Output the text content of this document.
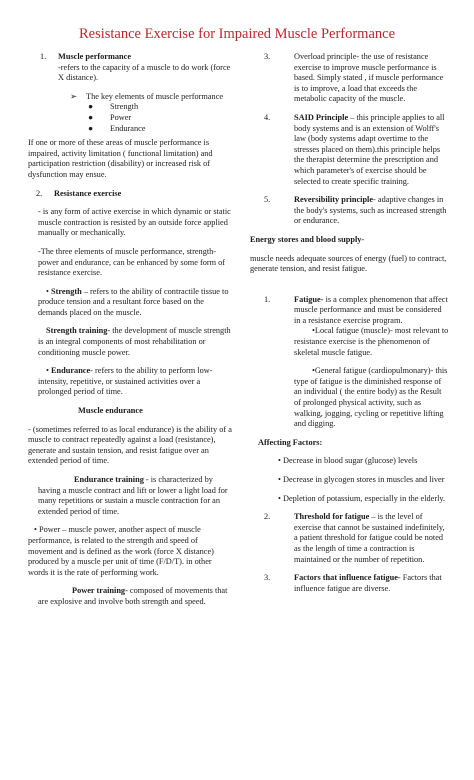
Resistance Exercise for Impaired Muscle Performance
1.	Muscle performance

-refers to the capacity of a muscle to do work (force X distance).

➢	The key elements of muscle performance
●	Strength
●	Power
●	Endurance

If one or more of these areas of muscle performance is impaired, activity limitation ( functional limitation) and participation restriction (disability) or increased risk of dysfunction may ensue.

2.	Resistance exercise

- is any form of active exercise in which dynamic or static muscle contraction is resisted by an outside force applied manually or mechanically.

-The three elements of muscle performance, strength-power and endurance, can be enhanced by some form of resistance exercise.

• Strength – refers to the ability of contractile tissue to produce tension and a resultant force based on the demands placed on the muscle.

Strength training- the development of muscle strength is an integral components of most rehabilitation or conditioning muscle power.

• Endurance- refers to the ability to perform low- intensity, repetitive, or sustained activities over a prolonged period of time.

Muscle endurance

- (sometimes referred to as local endurance) is the ability of a muscle to contract repeatedly against a load (resistance), generate and sustain tension, and resist fatigue over an extended period of time.

Endurance training - is characterized by having a muscle contract and lift or lower a light load for many repetitions or sustain a muscle contraction for an extended period of time.

• Power – muscle power, another aspect of muscle performance, is related to the strength and speed of movement and is defined as the work (force X distance) produced by a muscle per unit of time (F/D/T). in other words it is the rate of performing work.

Power training- composed of movements that are explosive and involve both strength and speed.

3.	Overload principle- the use of resistance exercise to improve muscle performance is based. Simply stated , if muscle performance is to improve, a load that exceeds the metabolic capacity of the muscle.

4.	SAID Principle – this principle applies to all body systems and is an extension of Wolff's law (body systems adapt overtime to the stresses placed on them).this principle helps the therapist determine the prescription and which parameter's of exercise should be selected to create specific training.

5.	Reversibility principle- adaptive changes in the body's systems, such as increased strength or endurance.

Energy stores and blood supply-

muscle needs adequate sources of energy (fuel) to contract, generate tension, and resist fatigue.

1.	Fatigue- is a complex phenomenon that affect muscle performance and must be considered in a resistance exercise program.

•Local fatigue (muscle)- most relevant to resistance exercise is the phenomenon of skeletal muscle fatigue.

•General fatigue (cardiopulmonary)- this type of fatigue is the diminished response of an individual ( the entire body) as the Result of prolonged physical activity, such as walking, jogging, cycling or repetitive lifting and digging.

Affecting Factors:

• Decrease in blood sugar (glucose) levels

• Decrease in glycogen stores in muscles and liver

• Depletion of potassium, especially in the elderly.

2.	Threshold for fatigue – is the level of exercise that cannot be sustained indefinitely, a patient threshold for fatigue could be noted as the length of time a contraction is maintained or the number of repetition.

3.	Factors that influence fatigue- Factors that influence fatigue are diverse.
